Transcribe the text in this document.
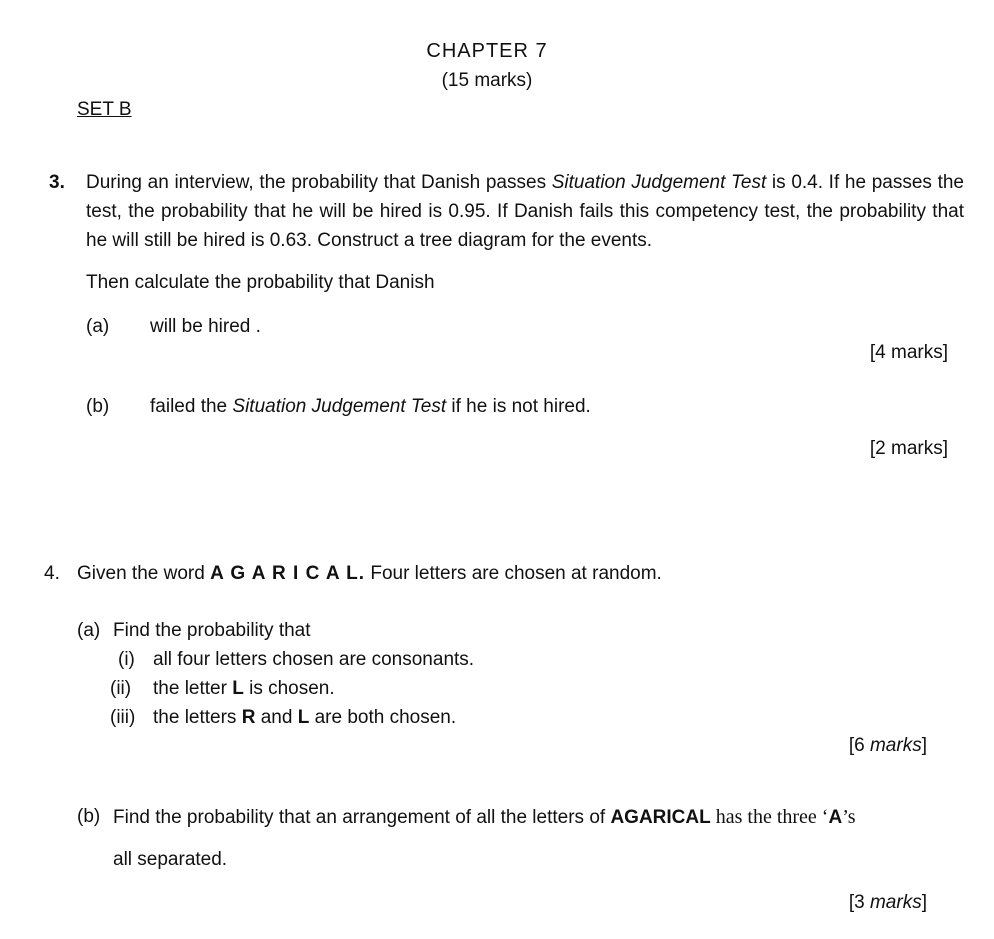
CHAPTER 7
(15 marks)
SET B
3. During an interview, the probability that Danish passes Situation Judgement Test is 0.4. If he passes the test, the probability that he will be hired is 0.95. If Danish fails this competency test, the probability that he will still be hired is 0.63. Construct a tree diagram for the events.
Then calculate the probability that Danish
(a) will be hired .
[4 marks]
(b) failed the Situation Judgement Test if he is not hired.
[2 marks]
4. Given the word A G A R I C A L. Four letters are chosen at random.
(a) Find the probability that
(i) all four letters chosen are consonants.
(ii) the letter L is chosen.
(iii) the letters R and L are both chosen.
[6 marks]
(b) Find the probability that an arrangement of all the letters of AGARICAL has the three ‘A’s
all separated.
[3 marks]
